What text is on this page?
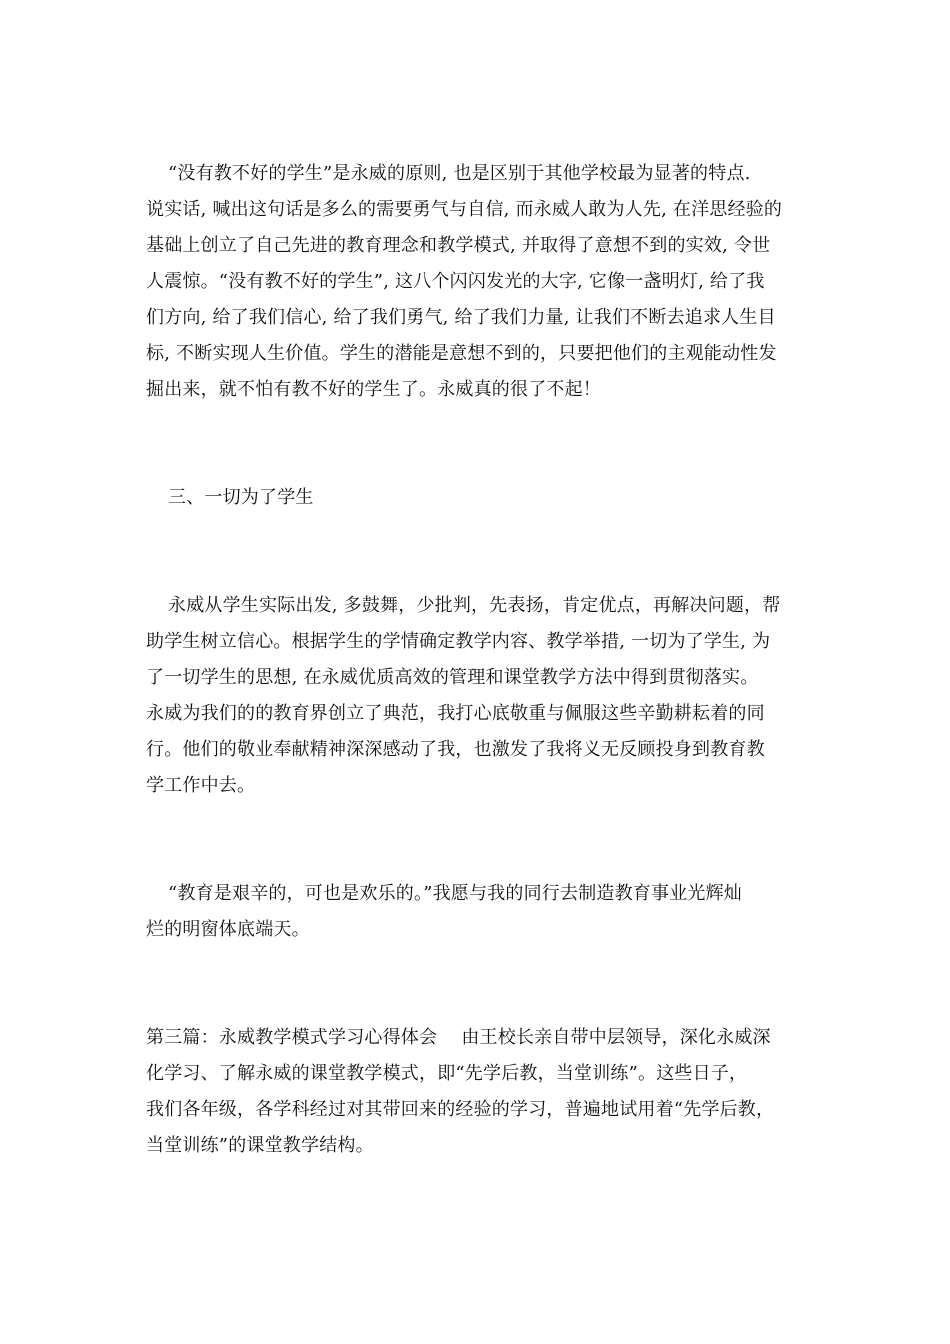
“没有教不好的学生”是永威的原则, 也是区别于其他学校最为显著的特点.
说实话, 喊出这句话是多么的需要勇气与自信, 而永威人敢为人先, 在洋思经验的
基础上创立了自己先进的教育理念和教学模式, 并取得了意想不到的实效, 令世
人震惊。“没有教不好的学生”, 这八个闪闪发光的大字, 它像一盏明灯, 给了我
们方向, 给了我们信心, 给了我们勇气, 给了我们力量, 让我们不断去追求人生目
标, 不断实现人生价值。学生的潜能是意想不到的，只要把他们的主观能动性发
掘出来，就不怕有教不好的学生了。永威真的很了不起！
三、一切为了学生
永威从学生实际出发, 多鼓舞，少批判，先表扬，肯定优点，再解决问题，帮
助学生树立信心。根据学生的学情确定教学内容、教学举措, 一切为了学生, 为
了一切学生的思想, 在永威优质高效的管理和课堂教学方法中得到贯彻落实。
永威为我们的的教育界创立了典范，我打心底敬重与佩服这些辛勤耕耘着的同
行。他们的敬业奉献精神深深感动了我，也激发了我将义无反顾投身到教育教
学工作中去。
“教育是艰辛的，可也是欢乐的。”我愿与我的同行去制造教育事业光辉灿
烂的明窗体底端天。
第三篇：永威教学模式学习心得体会　 由王校长亲自带中层领导，深化永威深
化学习、了解永威的课堂教学模式，即“先学后教，当堂训练”。这些日子，
我们各年级，各学科经过对其带回来的经验的学习，普遍地试用着“先学后教，
当堂训练”的课堂教学结构。
